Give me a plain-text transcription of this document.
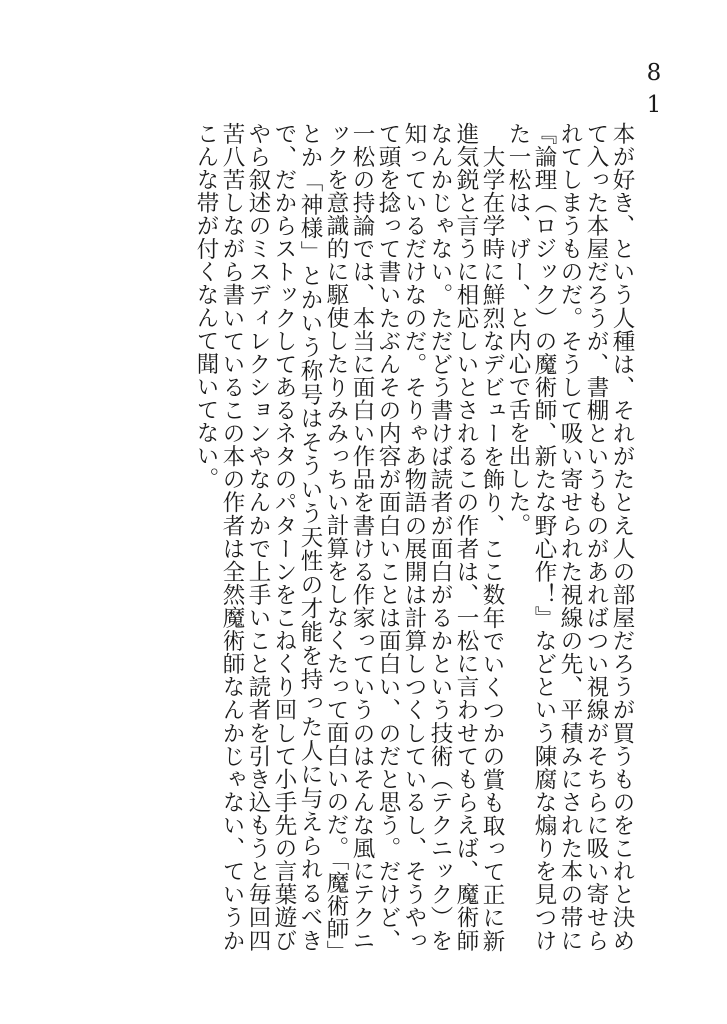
81

本が好き、という人種は、それがたとえ人の部屋だろうが買うものをこれと決めて入った本屋だろうが、書棚というものがあればつい視線がそちらに吸い寄せられてしまうものだ。そうして吸い寄せられた視線の先、平積みにされた本の帯に『論理（ロジック）の魔術師、新たな野心作！』などという陳腐な煽りを見つけた一松は、げー、と内心で舌を出した。

大学在学時に鮮烈なデビューを飾り、ここ数年でいくつかの賞も取って正に新進気鋭と言うに相応しいとされるこの作者は、一松に言わせてもらえば、魔術師なんかじゃない。ただどう書けば読者が面白がるかという技術（テクニック）を知っているだけなのだ。そりゃあ物語の展開は計算しつくしているし、そうやって頭を捻って書いたぶんその内容が面白いことは面白い、のだと思う。だけど、一松の持論では、本当に面白い作品を書ける作家っていうのはそんな風にテクニックを意識的に駆使したりみみっちい計算をしなくたって面白いのだ。「魔術師」とか「神様」とかいう称号はそういう天性の才能を持った人に与えられるべきで、だからストックしてあるネタのパターンをこねくり回して小手先の言葉遊びやら叙述のミスディレクションやなんかで上手いこと読者を引き込もうと毎回四苦八苦しながら書いているこの本の作者は全然魔術師なんかじゃない、ていうかこんな帯が付くなんて聞いてない。
